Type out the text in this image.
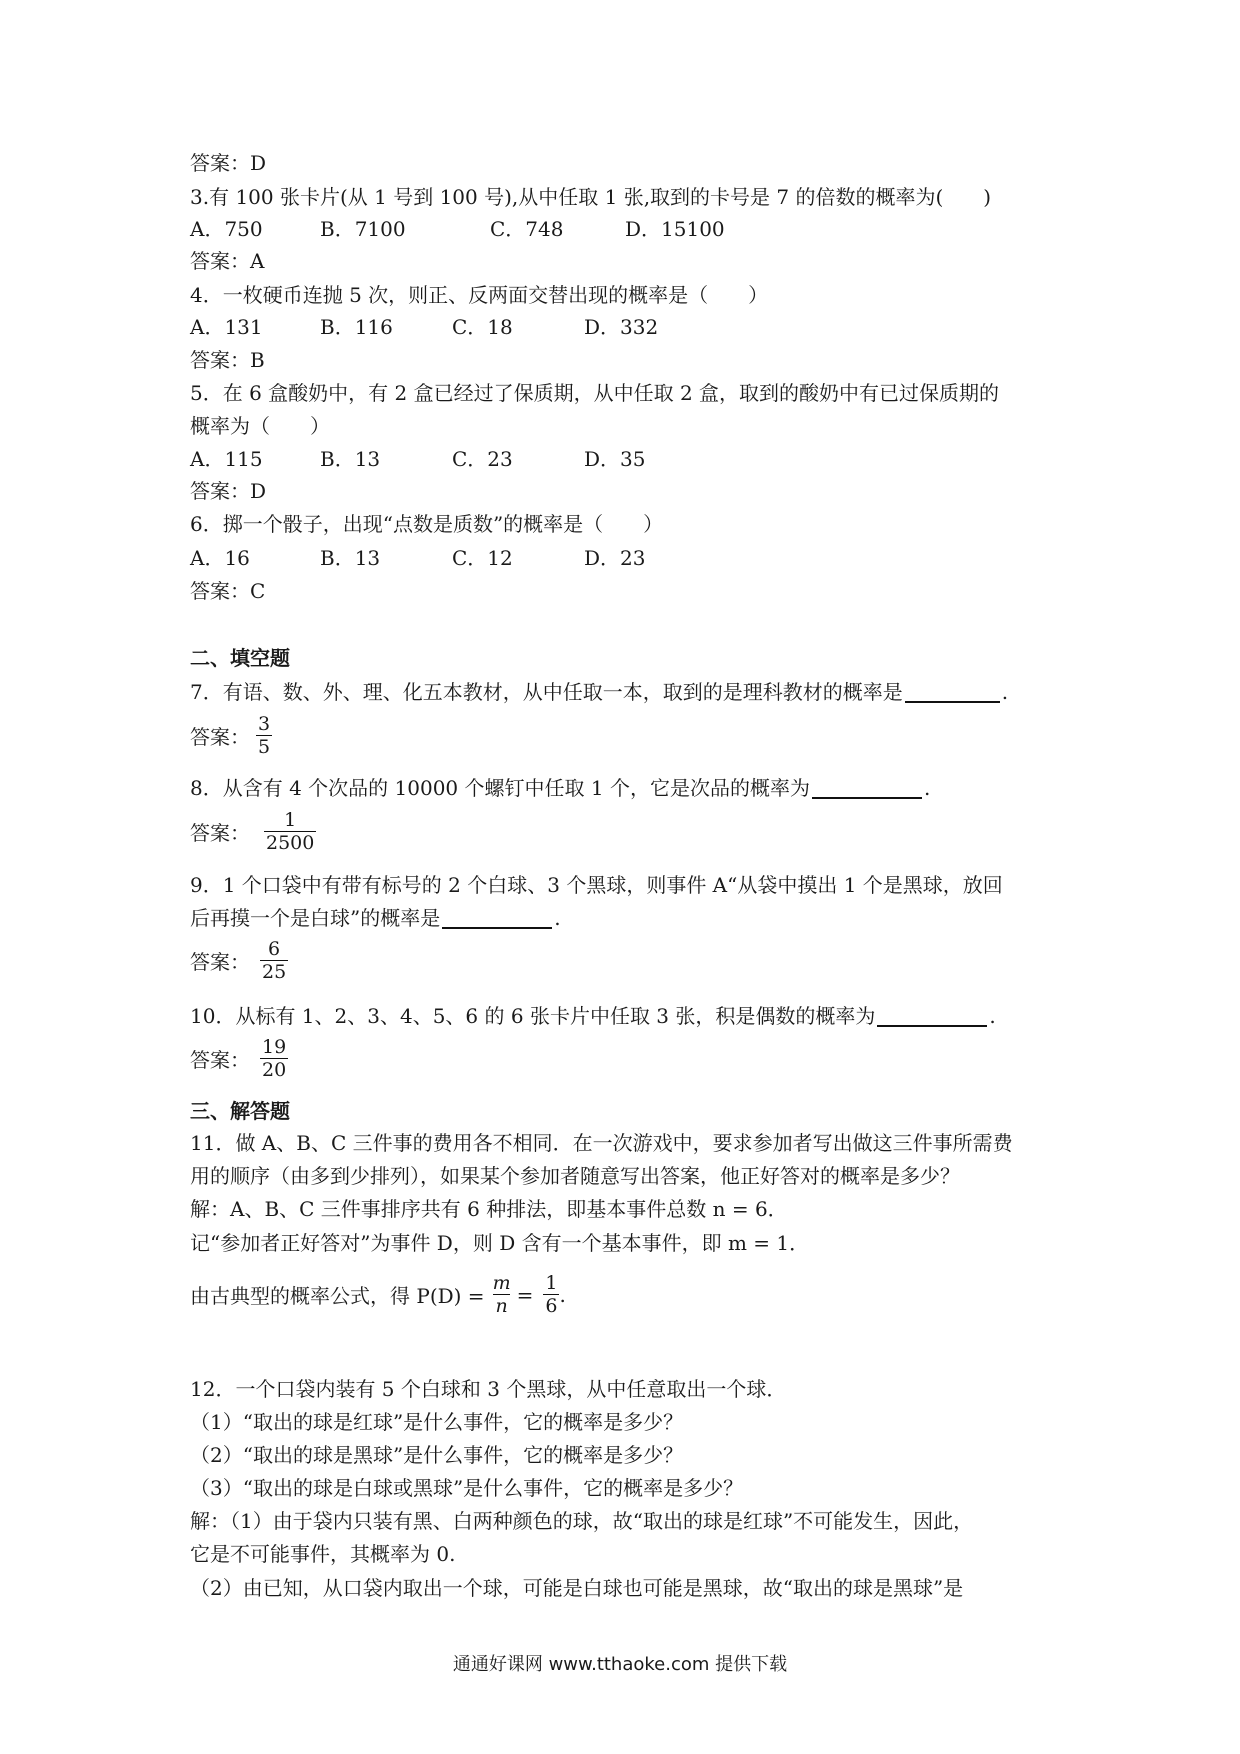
答案：D
3.有 100 张卡片(从 1 号到 100 号),从中任取 1 张,取到的卡号是 7 的倍数的概率为(　　)
A．750	B．7100	C．748	D．15100
答案：A
4．一枚硬币连抛 5 次，则正、反两面交替出现的概率是（　　）
A．131	B．116	C．18	D．332
答案：B
5．在 6 盒酸奶中，有 2 盒已经过了保质期，从中任取 2 盒，取到的酸奶中有已过保质期的
概率为（　　）
A．115	B．13	C．23	D．35
答案：D
6．掷一个骰子，出现“点数是质数”的概率是（　　）
A．16	B．13	C．12	D．23
答案：C
二、填空题
7．有语、数、外、理、化五本教材，从中任取一本，取到的是理科教材的概率是	.
答案： $\frac{3}{5}$
8．从含有 4 个次品的 10000 个螺钉中任取 1 个，它是次品的概率为	.
答案： $\frac{1}{2500}$
9．1 个口袋中有带有标号的 2 个白球、3 个黑球，则事件 A“从袋中摸出 1 个是黑球，放回
后再摸一个是白球”的概率是	.
答案： $\frac{6}{25}$
10．从标有 1、2、3、4、5、6 的 6 张卡片中任取 3 张，积是偶数的概率为	.
答案： $\frac{19}{20}$
三、解答题
11．做 A、B、C 三件事的费用各不相同．在一次游戏中，要求参加者写出做这三件事所需费
用的顺序（由多到少排列），如果某个参加者随意写出答案，他正好答对的概率是多少？
解：A、B、C 三件事排序共有 6 种排法，即基本事件总数 n = 6．
记“参加者正好答对”为事件 D，则 D 含有一个基本事件，即 m = 1．
由古典型的概率公式，得 $P(D) = \frac{m}{n} = \frac{1}{6}$ .
12．一个口袋内装有 5 个白球和 3 个黑球，从中任意取出一个球．
（1）“取出的球是红球”是什么事件，它的概率是多少？
（2）“取出的球是黑球”是什么事件，它的概率是多少？
（3）“取出的球是白球或黑球”是什么事件，它的概率是多少？
解：（1）由于袋内只装有黑、白两种颜色的球，故“取出的球是红球”不可能发生，因此，
它是不可能事件，其概率为 0.
（2）由已知，从口袋内取出一个球，可能是白球也可能是黑球，故“取出的球是黑球”是
通通好课网 www.tthaoke.com 提供下载
